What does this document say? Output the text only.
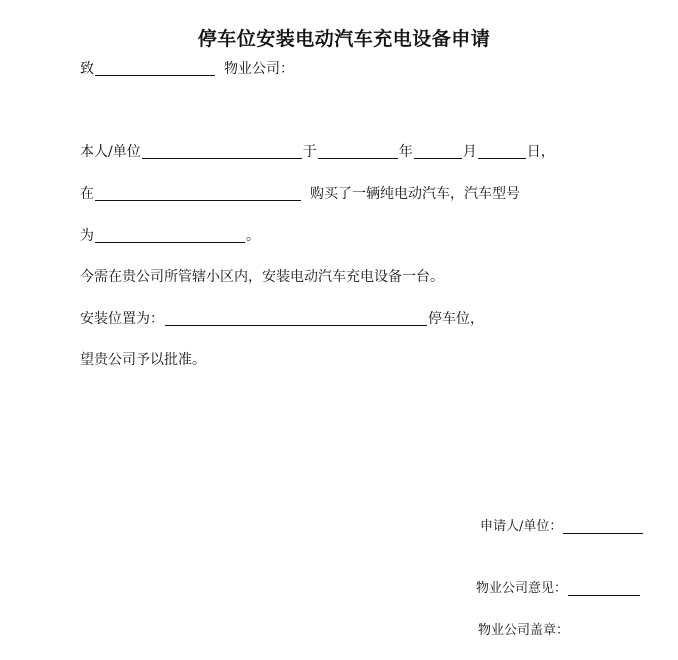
停车位安装电动汽车充电设备申请
致	物业公司：
本人/单位	于	年	月	日，
在	购买了一辆纯电动汽车，汽车型号
为	。
今需在贵公司所管辖小区内，安装电动汽车充电设备一台。
安装位置为：	停车位，
望贵公司予以批准。
申请人/单位：
物业公司意见：
物业公司盖章：
